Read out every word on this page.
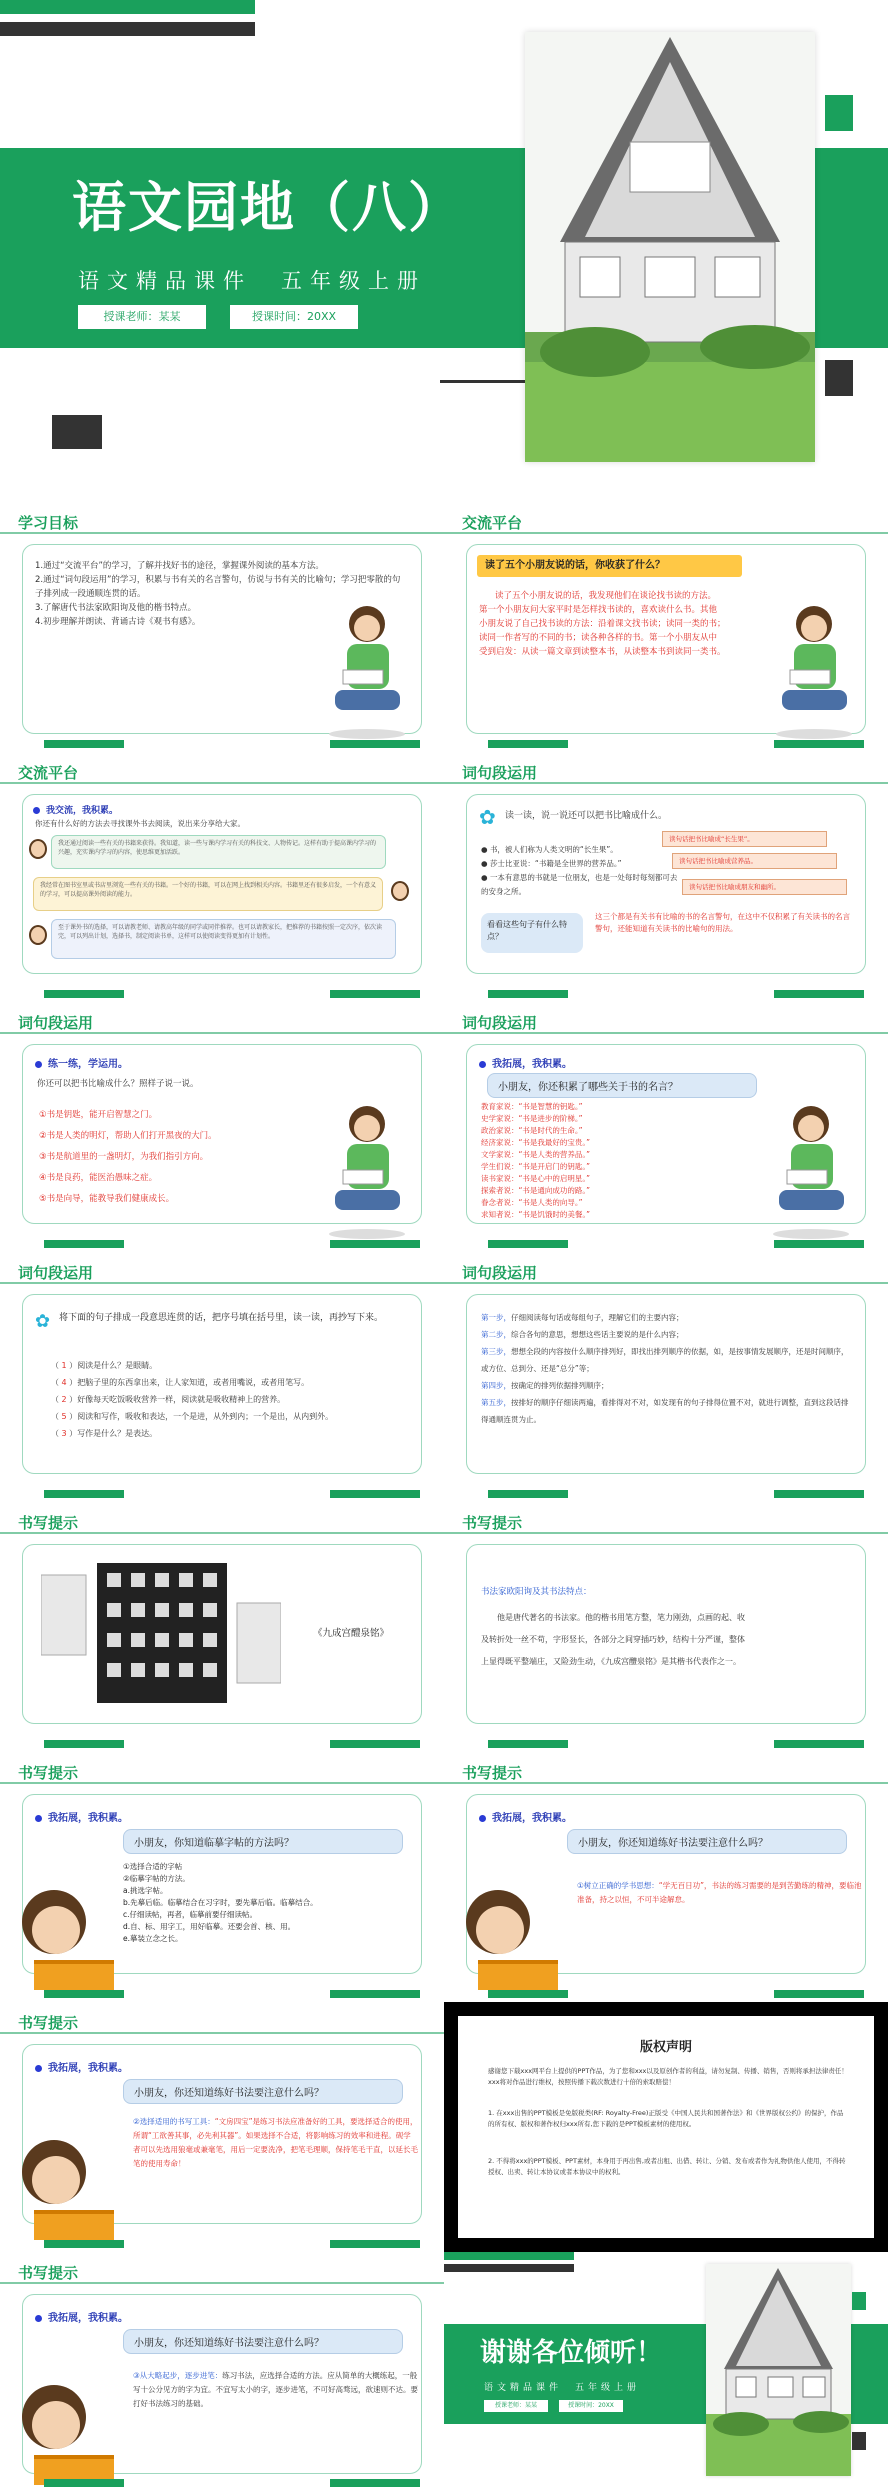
语文园地（八）
语文精品课件　五年级上册
授课老师：某某	授课时间：20XX
学习目标
1.通过“交流平台”的学习，了解并找好书的途径，掌握课外阅读的基本方法。
2.通过“词句段运用”的学习，积累与书有关的名言警句，仿说与书有关的比喻句；学习把零散的句子排列成一段通顺连贯的话。
3.了解唐代书法家欧阳询及他的楷书特点。
4.初步理解并朗读、背诵古诗《观书有感》。
交流平台
读了五个小朋友说的话，你收获了什么？
读了五个小朋友说的话，我发现他们在谈论找书读的方法。
第一个小朋友问大家平时是怎样找书读的，喜欢读什么书。其他
小朋友说了自己找书读的方法：沿着课文找书读；读同一类的书；
读同一作者写的不同的书；读各种各样的书。第一个小朋友从中
受到启发：从读一篇文章到读整本书，从读整本书到读同一类书。
交流平台
我交流，我积累。
你还有什么好的方法去寻找课外书去阅读，说出来分享给大家。
我还通过阅读一些有关的书籍来获得。我知道，读一些与课内学习有关的科技文、人物传记。这样有助于提高课内学习的兴趣，充实课内学习的内容，使思维更加活跃。
我经常在图书室里或书店里浏览一些有关的书籍。一个好的书籍，可以在网上找到相关内容。书籍里还有很多启发，一个有意义的学习，可以提高课外阅读的能力。
至于课外书的选择，可以请教老师、请教高年级的同学或同伴推荐。也可以请教家长，把推荐的书籍按照一定次序，依次读完，可以列出计划，选择书，制定阅读书单，这样可以使阅读变得更加有计划性。
词句段运用
✿ 读一读，说一说还可以把书比喻成什么。
● 书，被人们称为人类文明的“长生果”。
● 莎士比亚说：“书籍是全世界的营养品。”
● 一本有意思的书就是一位朋友，也是一处每时每刻都可去的安身之所。
读句话把书比喻成“长生果”。
读句话把书比喻成营养品。
读句话把书比喻成朋友和幽所。
看看这些句子有什么特点？
这三个都是有关书有比喻的书的名言警句，在这中不仅积累了有关读书的名言警句，还能知道有关读书的比喻句的用法。
词句段运用
练一练，学运用。
你还可以把书比喻成什么？照样子说一说。
①书是钥匙，能开启智慧之门。
②书是人类的明灯，帮助人们打开黑夜的大门。
③书是航道里的一盏明灯，为我们指引方向。
④书是良药，能医治愚味之症。
⑤书是向导，能教导我们健康成长。
词句段运用
我拓展，我积累。
小朋友，你还积累了哪些关于书的名言？
教育家说：“书是智慧的钥匙。”
史学家说：“书是进步的阶梯。”
政治家说：“书是时代的生命。”
经济家说：“书是我最好的宝贵。”
文学家说：“书是人类的营养品。”
学生们说：“书是开启门的钥匙。”
读书家说：“书是心中的启明星。”
探索者说：“书是通向成功的路。”
眷念者说：“书是人类的向导。”
求知者说：“书是饥饿时的美餐。”
词句段运用
✿ 将下面的句子排成一段意思连贯的话，把序号填在括号里，读一读，再抄写下来。
（ 1 ）阅读是什么？是眼睛。
（ 4 ）把脑子里的东西拿出来，让人家知道，或者用嘴说，或者用笔写。
（ 2 ）好像每天吃饭吸收营养一样，阅读就是吸收精神上的营养。
（ 5 ）阅读和写作，吸收和表达，一个是进，从外到内；一个是出，从内到外。
（ 3 ）写作是什么？是表达。
词句段运用
第一步，仔细阅读每句话或每组句子，理解它们的主要内容；
第二步，综合各句的意思，想想这些话主要说的是什么内容；
第三步，想想全段的内容按什么顺序排列好，即找出排列顺序的依据，如，是按事情发展顺序，还是时间顺序，或方位、总到分、还是“总分”等；
第四步，按确定的排列依据排列顺序；
第五步，按排好的顺序仔细读两遍，看排得对不对，如发现有的句子排得位置不对，就进行调整，直到这段话排得通顺连贯为止。
书写提示
《九成宫醴泉铭》
书写提示
书法家欧阳询及其书法特点：
他是唐代著名的书法家。他的楷书用笔方整，笔力刚劲，点画的起、收
及转折处一丝不苟，字形竖长，各部分之间穿插巧妙，结构十分严谨，整体
上显得既平整端庄，又险劲生动，《九成宫醴泉铭》是其楷书代表作之一。
书写提示
我拓展，我积累。
小朋友，你知道临摹字帖的方法吗？
①选择合适的字帖
②临摹字帖的方法。
a.挑选字帖。
b.先摹后临。临摹结合在习字时，要先摹后临。临摹结合。
c.仔细读帖，再者，临摹前要仔细读帖。
d.自、标、用字工，用好临摹。还要会首、核、用。
e.摹装立念之长。
书写提示
我拓展，我积累。
小朋友，你还知道练好书法要注意什么吗？
①树立正确的学书思想：“学无百日功”，书法的练习需要的是到苦勤练的精神，要临池准备，持之以恒，不可半途解怠。
书写提示
我拓展，我积累。
小朋友，你还知道练好书法要注意什么吗？
②选择适用的书写工具：“文房四宝”是练习书法应准备好的工具，要选择适合的使用，所谓“工欲善其事，必先利其器”。如果选择不合适，将影响练习的效率和进程。砚学者可以先选用狼毫或兼毫笔，用后一定要洗净，把笔毛理顺，保持笔毛干直，以延长毛笔的使用寿命！
版权声明
感谢您下载xxx网平台上提供的PPT作品，为了您和xxx以及原创作者的利益，请勿复制、传播、销售，否则将承担法律责任！xxx将对作品进行维权，按照传播下载次数进行十倍的索取赔偿！
1. 在xxx出售的PPT模板是免版税类(RF: Royalty-Free)正版受《中国人民共和国著作法》和《世界版权公约》的保护，作品的所有权、版权和著作权归xxx所有,您下载的是PPT模板素材的使用权。
2. 不得将xxx的PPT模板、PPT素材，本身用于再出售,或者出租、出借、转让、分销、发布或者作为礼物供他人使用，不得转授权、出卖、转让本协议或者本协议中的权利。
书写提示
我拓展，我积累。
小朋友，你还知道练好书法要注意什么吗？
③从大略起步，逐步进笔：练习书法，应选择合适的方法。应从简单的大概练起，一般写十公分见方的字为宜。不宜写太小的字，逐步进笔，不可好高骛远，欲速则不达。要打好书法练习的基础。
谢谢各位倾听！
语文精品课件　五年级上册
授课老师：某某	授课时间：20XX
